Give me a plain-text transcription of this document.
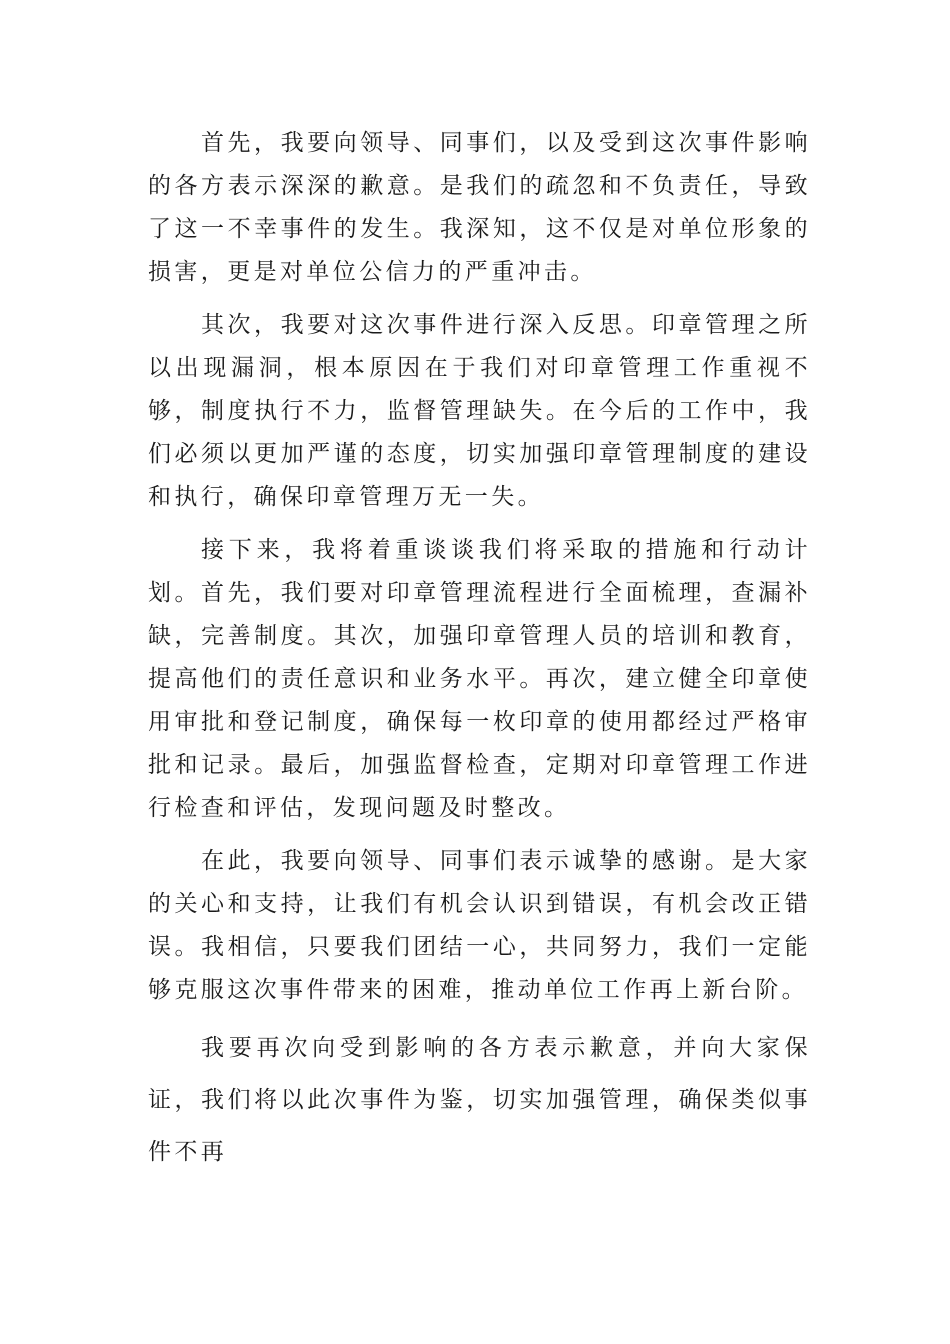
首先，我要向领导、同事们，以及受到这次事件影响的各方表示深深的歉意。是我们的疏忽和不负责任，导致了这一不幸事件的发生。我深知，这不仅是对单位形象的损害，更是对单位公信力的严重冲击。

其次，我要对这次事件进行深入反思。印章管理之所以出现漏洞，根本原因在于我们对印章管理工作重视不够，制度执行不力，监督管理缺失。在今后的工作中，我们必须以更加严谨的态度，切实加强印章管理制度的建设和执行，确保印章管理万无一失。

接下来，我将着重谈谈我们将采取的措施和行动计划。首先，我们要对印章管理流程进行全面梳理，查漏补缺，完善制度。其次，加强印章管理人员的培训和教育，提高他们的责任意识和业务水平。再次，建立健全印章使用审批和登记制度，确保每一枚印章的使用都经过严格审批和记录。最后，加强监督检查，定期对印章管理工作进行检查和评估，发现问题及时整改。

在此，我要向领导、同事们表示诚挚的感谢。是大家的关心和支持，让我们有机会认识到错误，有机会改正错误。我相信，只要我们团结一心，共同努力，我们一定能够克服这次事件带来的困难，推动单位工作再上新台阶。

我要再次向受到影响的各方表示歉意，并向大家保证，我们将以此次事件为鉴，切实加强管理，确保类似事件不再
